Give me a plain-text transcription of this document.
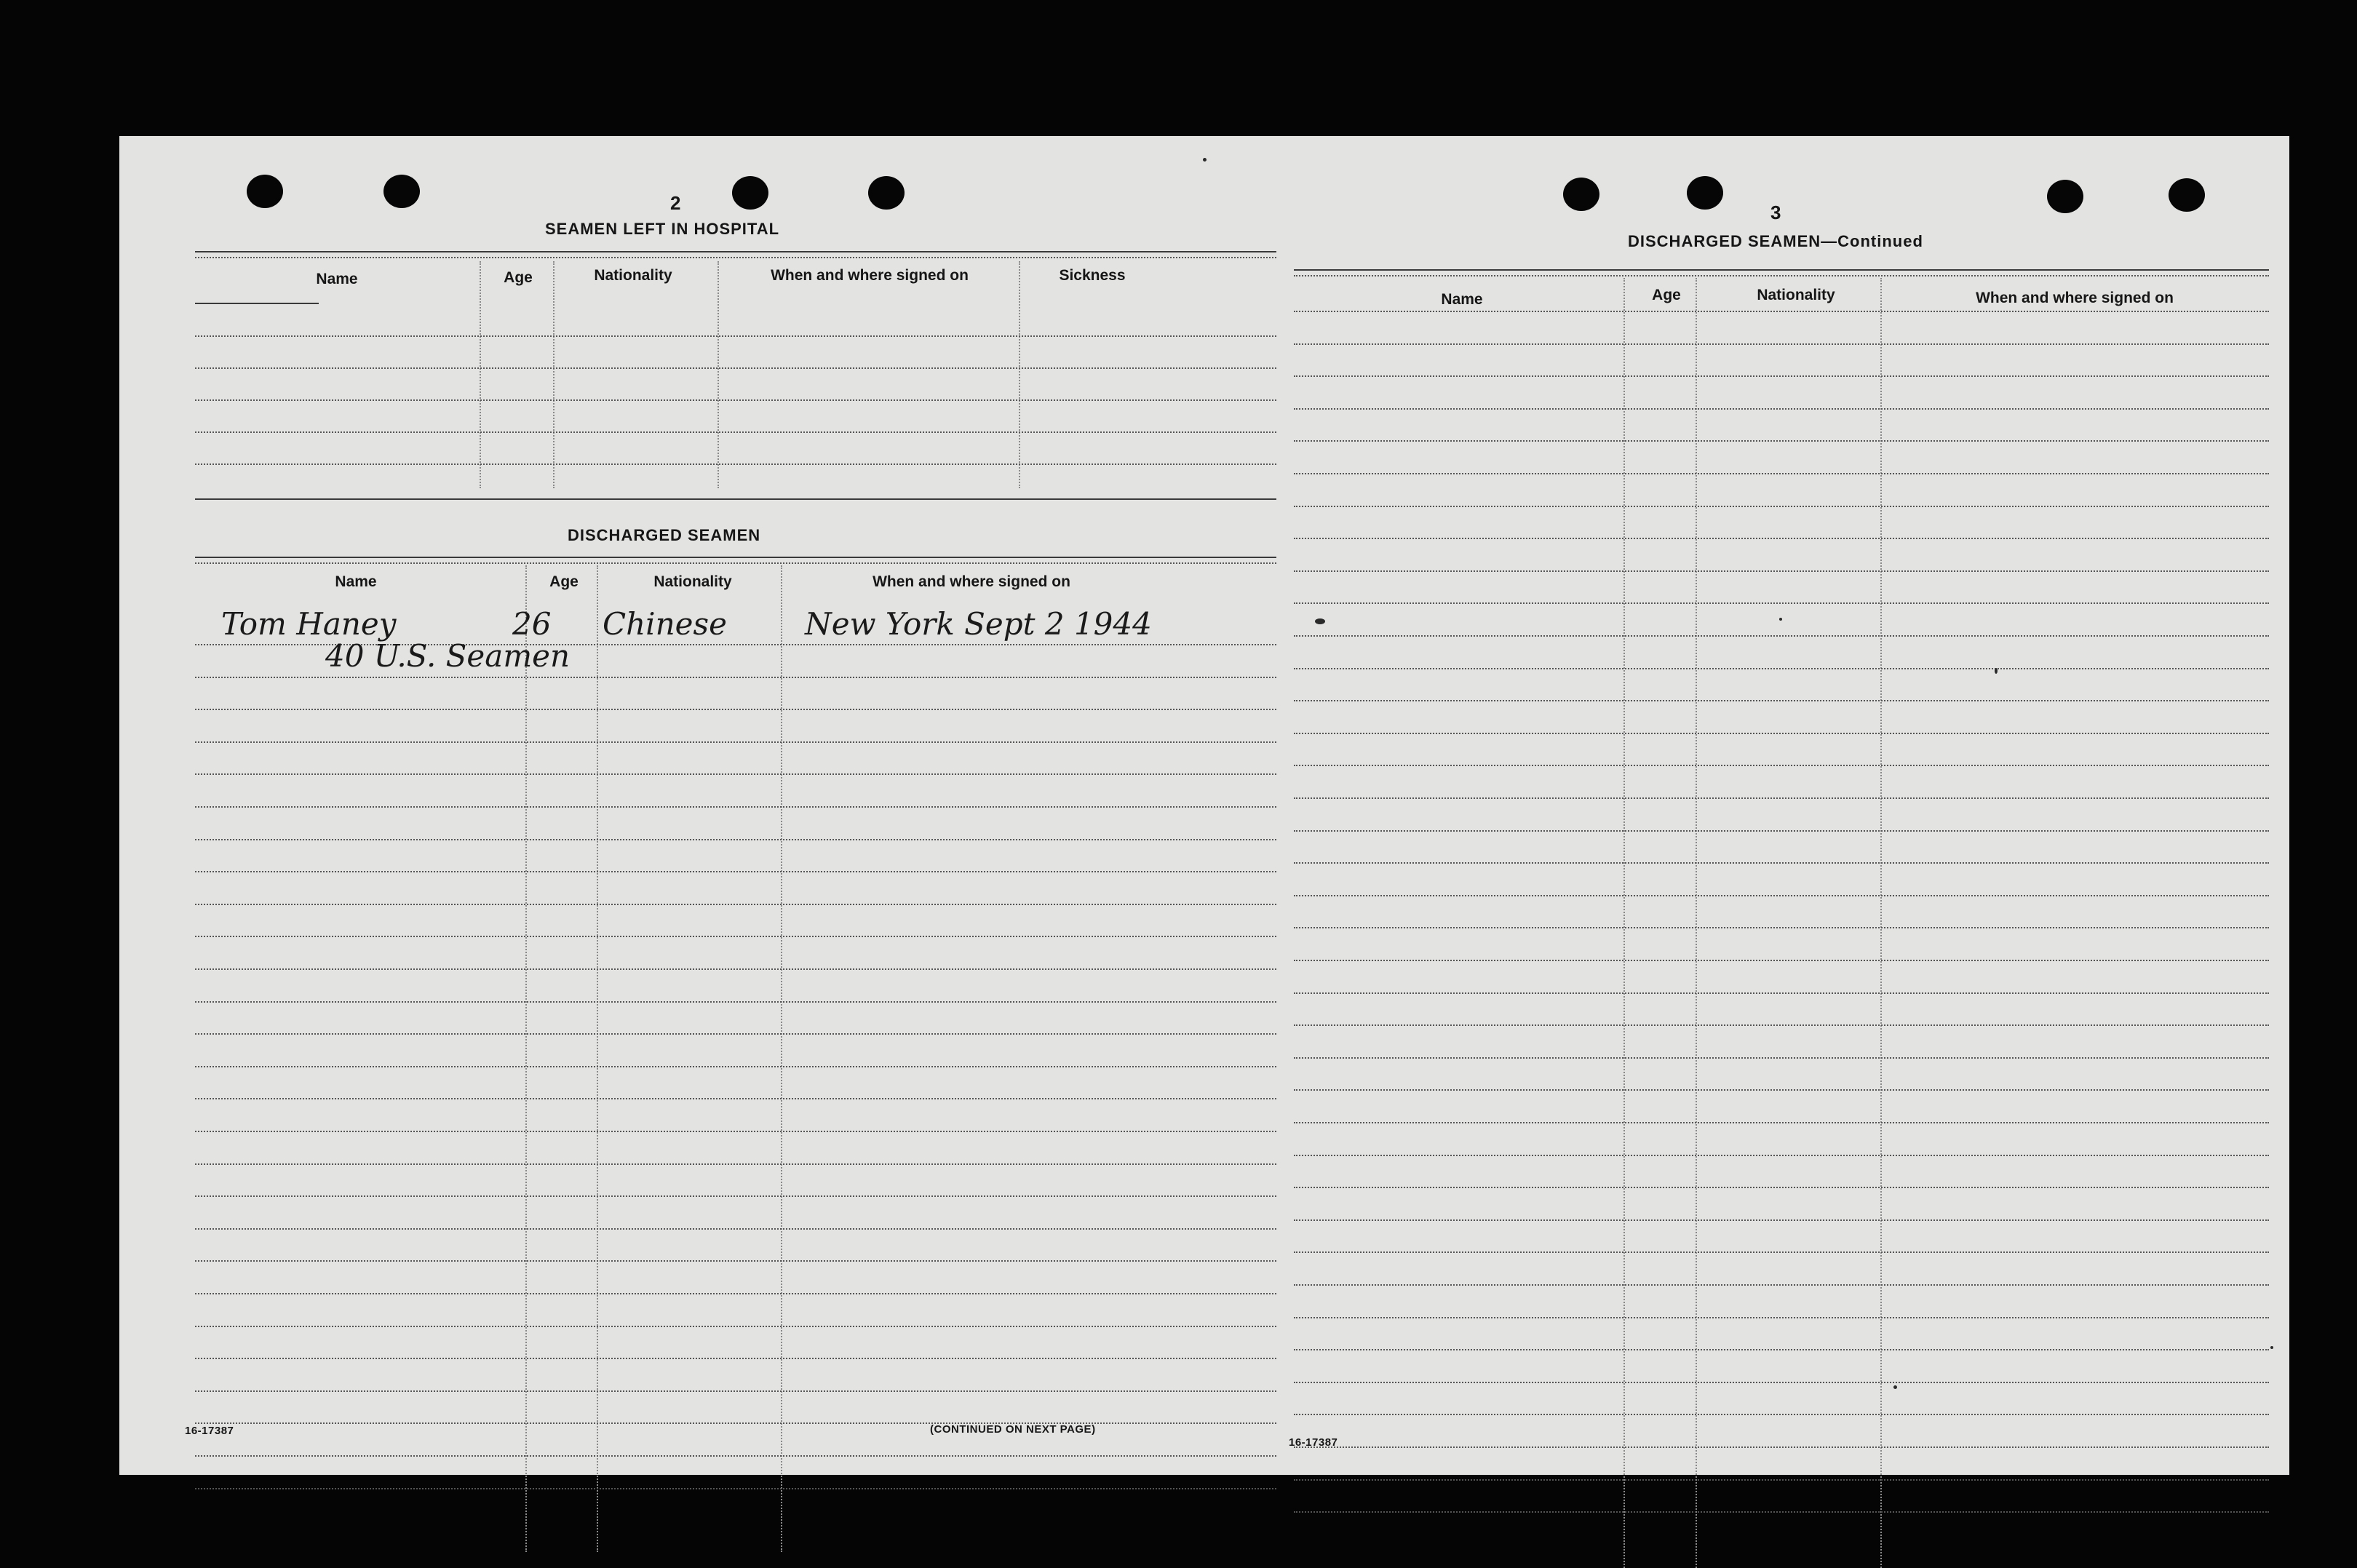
2
SEAMEN LEFT IN HOSPITAL
Name	Age	Nationality	When and where signed on	Sickness
DISCHARGED SEAMEN
Name	Age	Nationality	When and where signed on
Tom Haney	26 Chinese	New York Sept 2 1944
40 U.S. Seamen
16-17387	(CONTINUED ON NEXT PAGE)
3
DISCHARGED SEAMEN—Continued
Name	Age	Nationality	When and where signed on
16-17387
